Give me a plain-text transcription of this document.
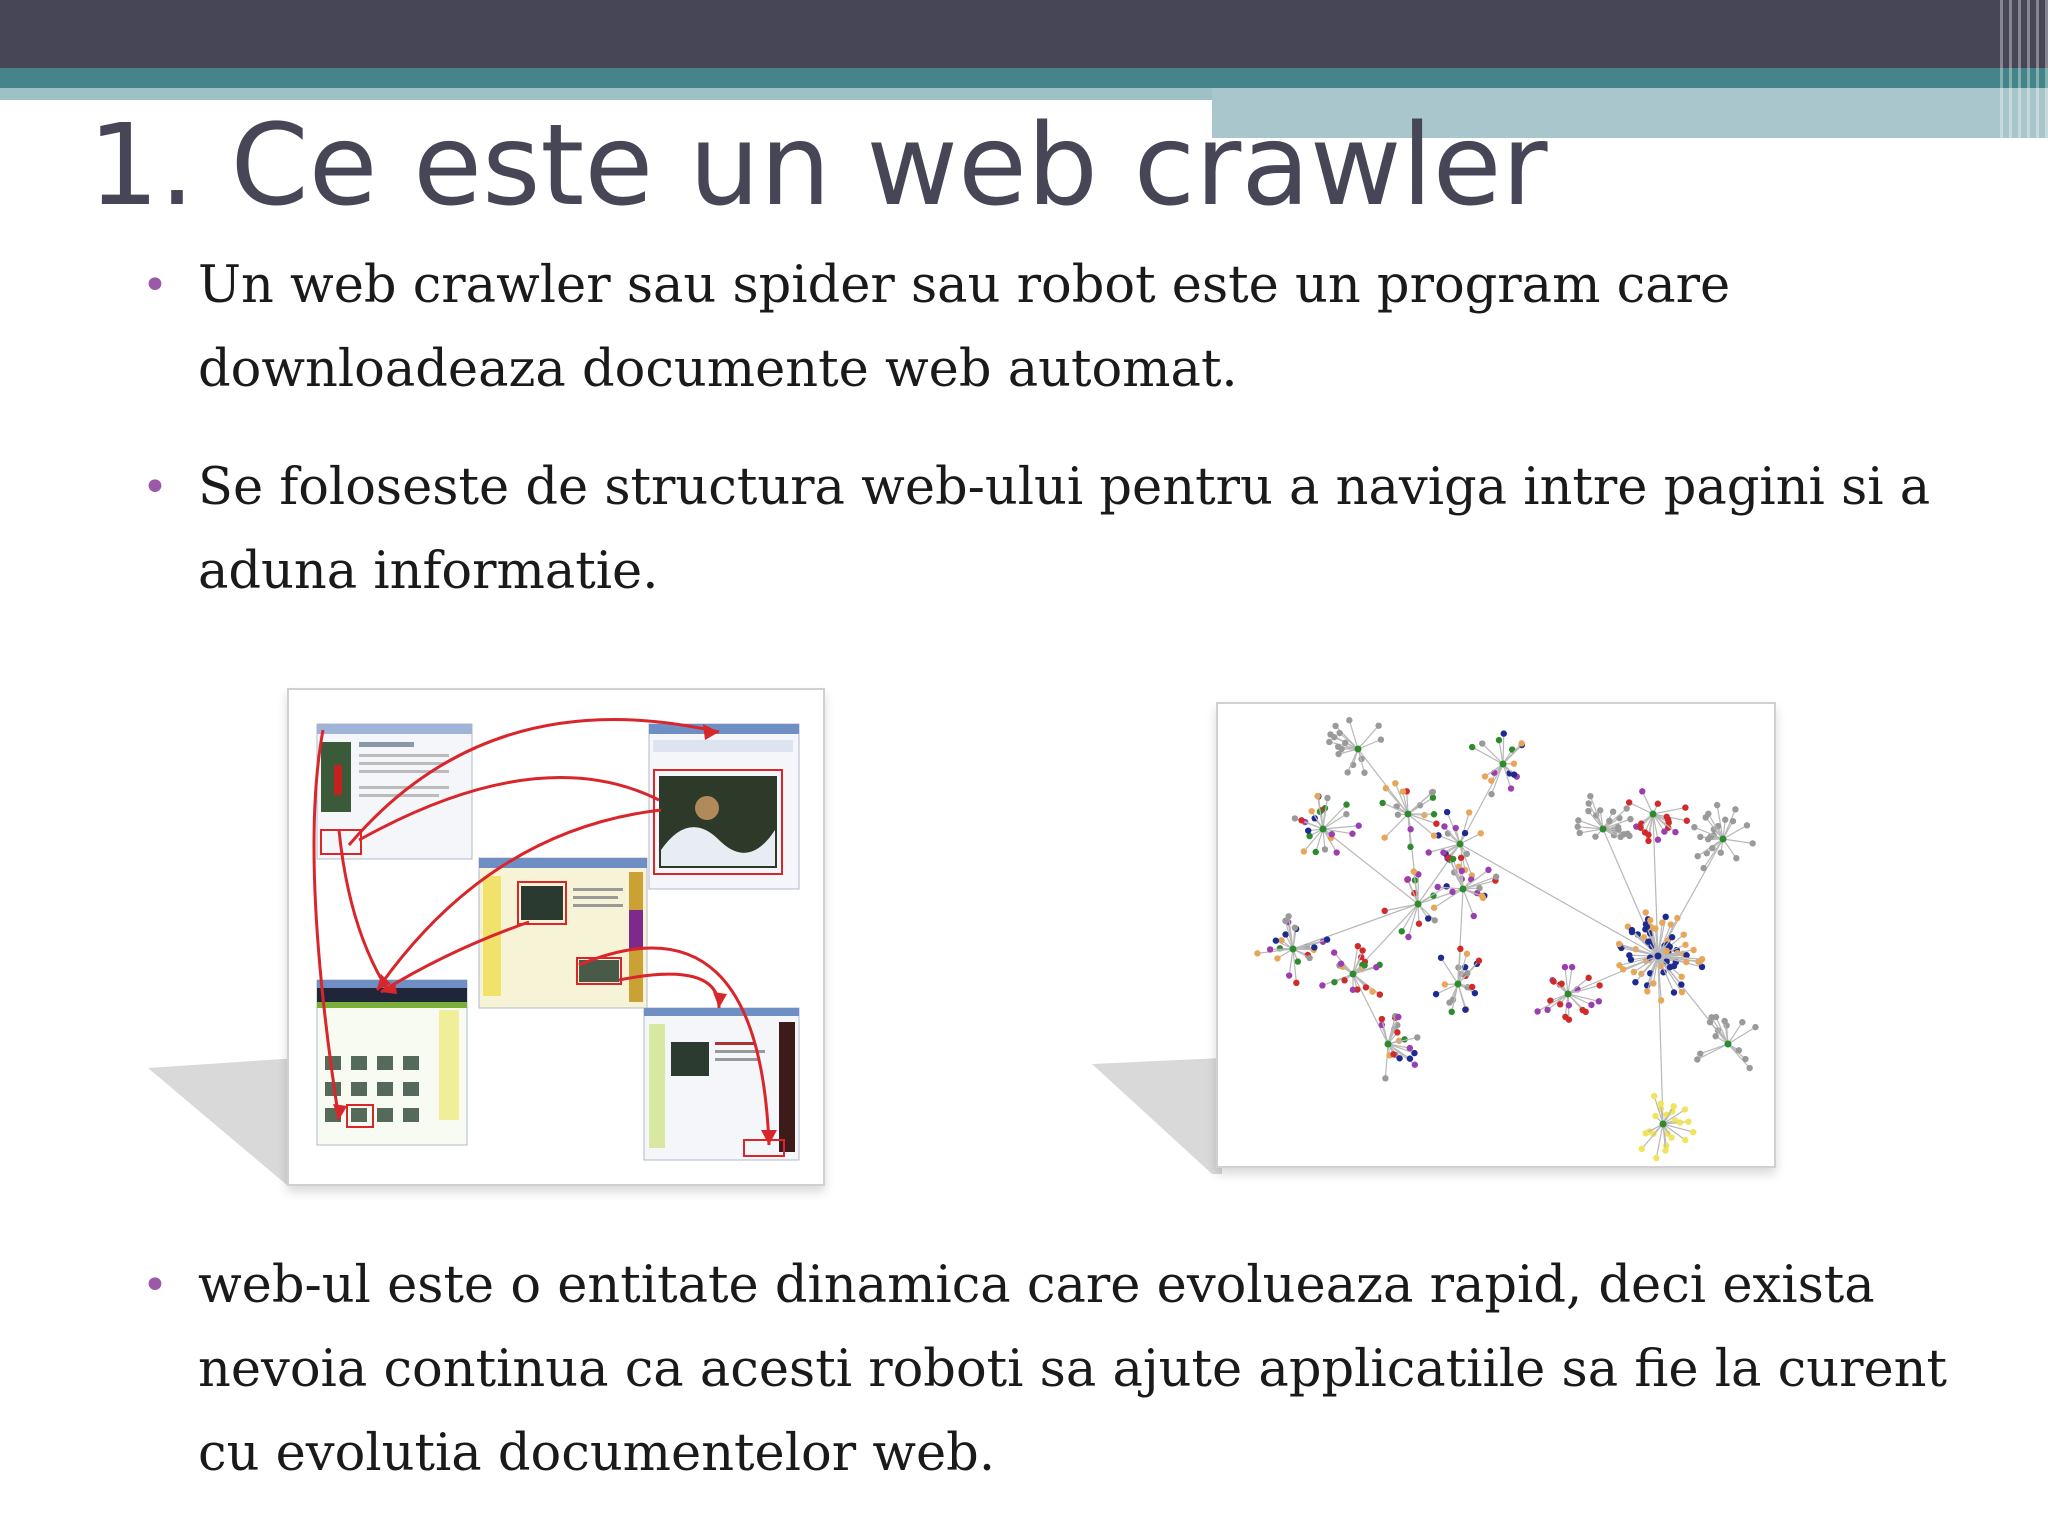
1. Ce este un web crawler
• Un web crawler sau spider sau robot este un program care downloadeaza documente web automat.
• Se foloseste de structura web-ului pentru a naviga intre pagini si a aduna informatie.
• web-ul este o entitate dinamica care evolueaza rapid, deci exista nevoia continua ca acesti roboti sa ajute applicatiile sa fie la curent cu evolutia documentelor web.
